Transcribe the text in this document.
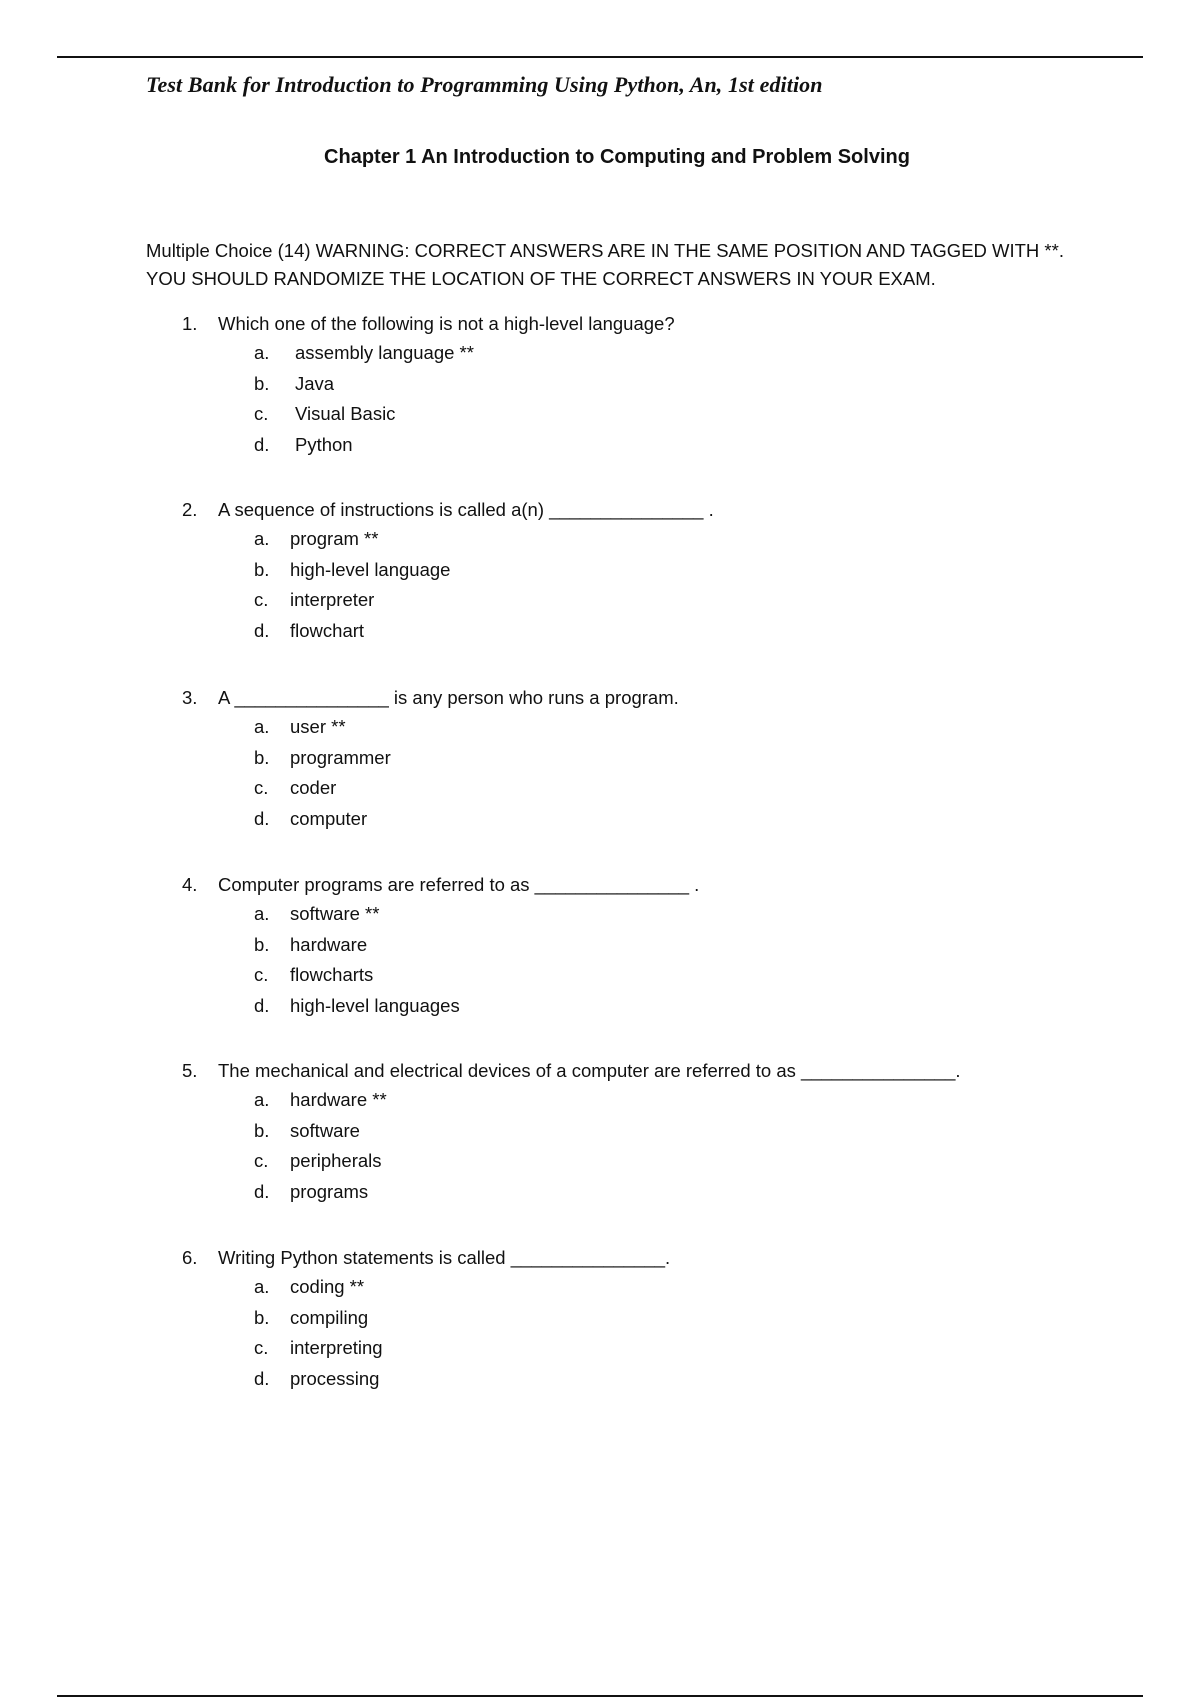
Test Bank for Introduction to Programming Using Python, An, 1st edition
Chapter 1 An Introduction to Computing and Problem Solving
Multiple Choice (14) WARNING: CORRECT ANSWERS ARE IN THE SAME POSITION AND TAGGED WITH **.
YOU SHOULD RANDOMIZE THE LOCATION OF THE CORRECT ANSWERS IN YOUR EXAM.
1. Which one of the following is not a high-level language?
a. assembly language **
b. Java
c. Visual Basic
d. Python
2. A sequence of instructions is called a(n) _______________ .
a. program **
b. high-level language
c. interpreter
d. flowchart
3. A _______________ is any person who runs a program.
a. user **
b. programmer
c. coder
d. computer
4. Computer programs are referred to as _______________ .
a. software **
b. hardware
c. flowcharts
d. high-level languages
5. The mechanical and electrical devices of a computer are referred to as _______________.
a. hardware **
b. software
c. peripherals
d. programs
6. Writing Python statements is called _______________.
a. coding **
b. compiling
c. interpreting
d. processing
